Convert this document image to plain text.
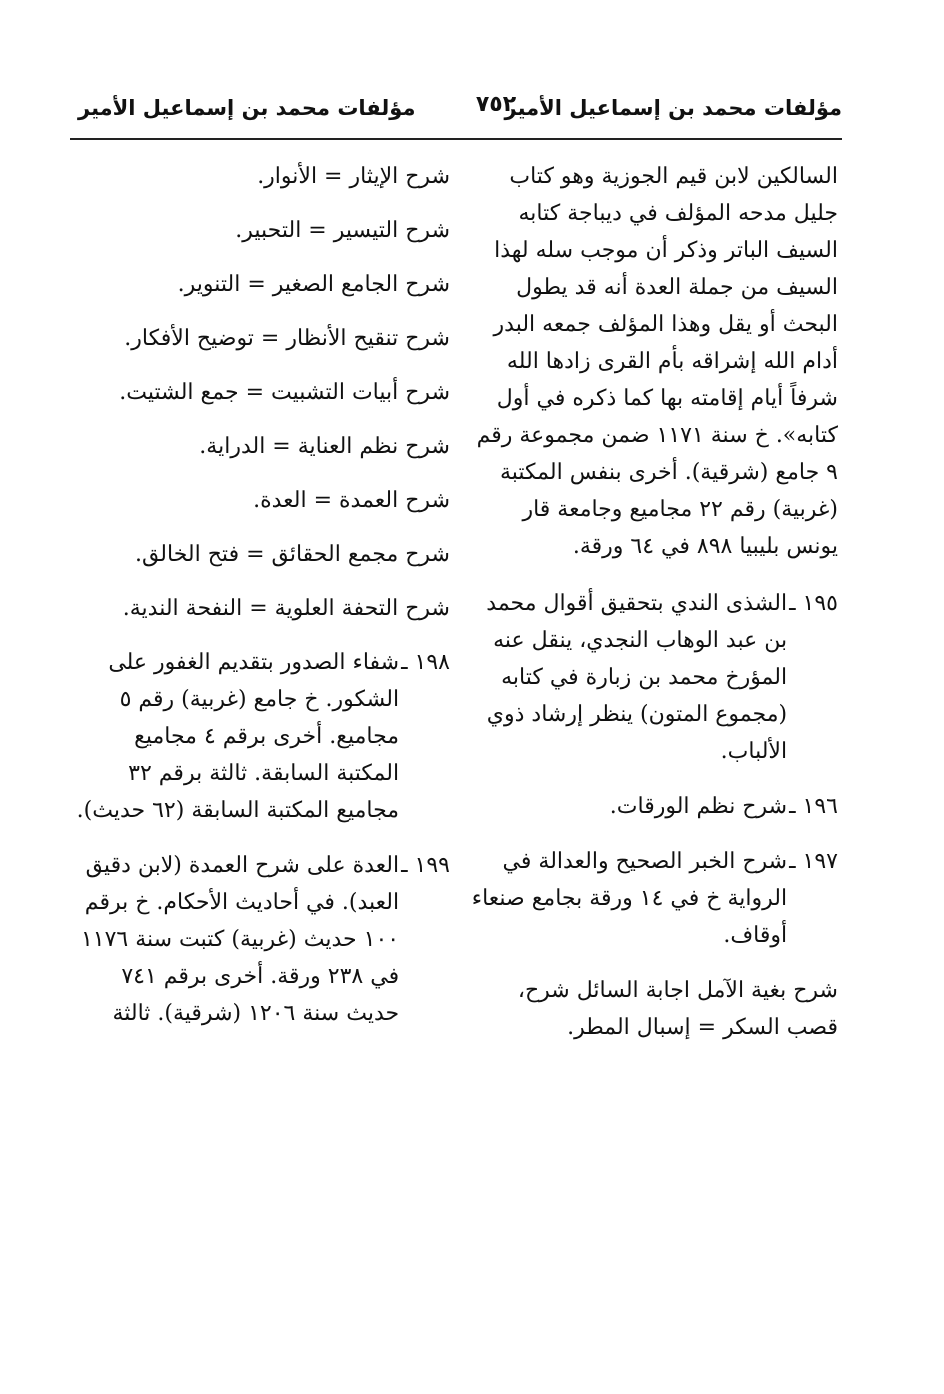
مؤلفات محمد بن إسماعيل الأمير
٧٥٢
مؤلفات محمد بن إسماعيل الأمير

السالكين لابن قيم الجوزية وهو كتاب جليل مدحه المؤلف في ديباجة كتابه السيف الباتر وذكر أن موجب سله لهذا السيف من جملة العدة أنه قد يطول البحث أو يقل وهذا المؤلف جمعه البدر أدام الله إشراقه بأم القرى زادها الله شرفاً أيام إقامته بها كما ذكره في أول كتابه». خ سنة ١١٧١ ضمن مجموعة رقم ٩ جامع (شرقية). أخرى بنفس المكتبة (غربية) رقم ٢٢ مجاميع وجامعة قار يونس بليبيا ٨٩٨ في ٦٤ ورقة.

١٩٥ ـ
الشذى الندي بتحقيق أقوال محمد بن عبد الوهاب النجدي، ينقل عنه المؤرخ محمد بن زبارة في كتابه (مجموع المتون) ينظر إرشاد ذوي الألباب.
١٩٦ ـ
شرح نظم الورقات.
١٩٧ ـ
شرح الخبر الصحيح والعدالة في الرواية خ في ١٤ ورقة بجامع صنعاء أوقاف.

شرح بغية الآمل اجابة السائل شرح، قصب السكر = إسبال المطر.

شرح الإيثار = الأنوار.

شرح التيسير = التحبير.

شرح الجامع الصغير = التنوير.

شرح تنقيح الأنظار = توضيح الأفكار.

شرح أبيات التشبيت = جمع الشتيت.

شرح نظم العناية = الدراية.

شرح العمدة = العدة.

شرح مجمع الحقائق = فتح الخالق.

شرح التحفة العلوية = النفحة الندية.

١٩٨ ـ
شفاء الصدور بتقديم الغفور على الشكور. خ جامع (غربية) رقم ٥ مجاميع. أخرى برقم ٤ مجاميع المكتبة السابقة. ثالثة برقم ٣٢ مجاميع المكتبة السابقة (٦٢ حديث).
١٩٩ ـ
العدة على شرح العمدة (لابن دقيق العبد). في أحاديث الأحكام. خ برقم ١٠٠ حديث (غربية) كتبت سنة ١١٧٦ في ٢٣٨ ورقة. أخرى برقم ٧٤١ حديث سنة ١٢٠٦ (شرقية). ثالثة
